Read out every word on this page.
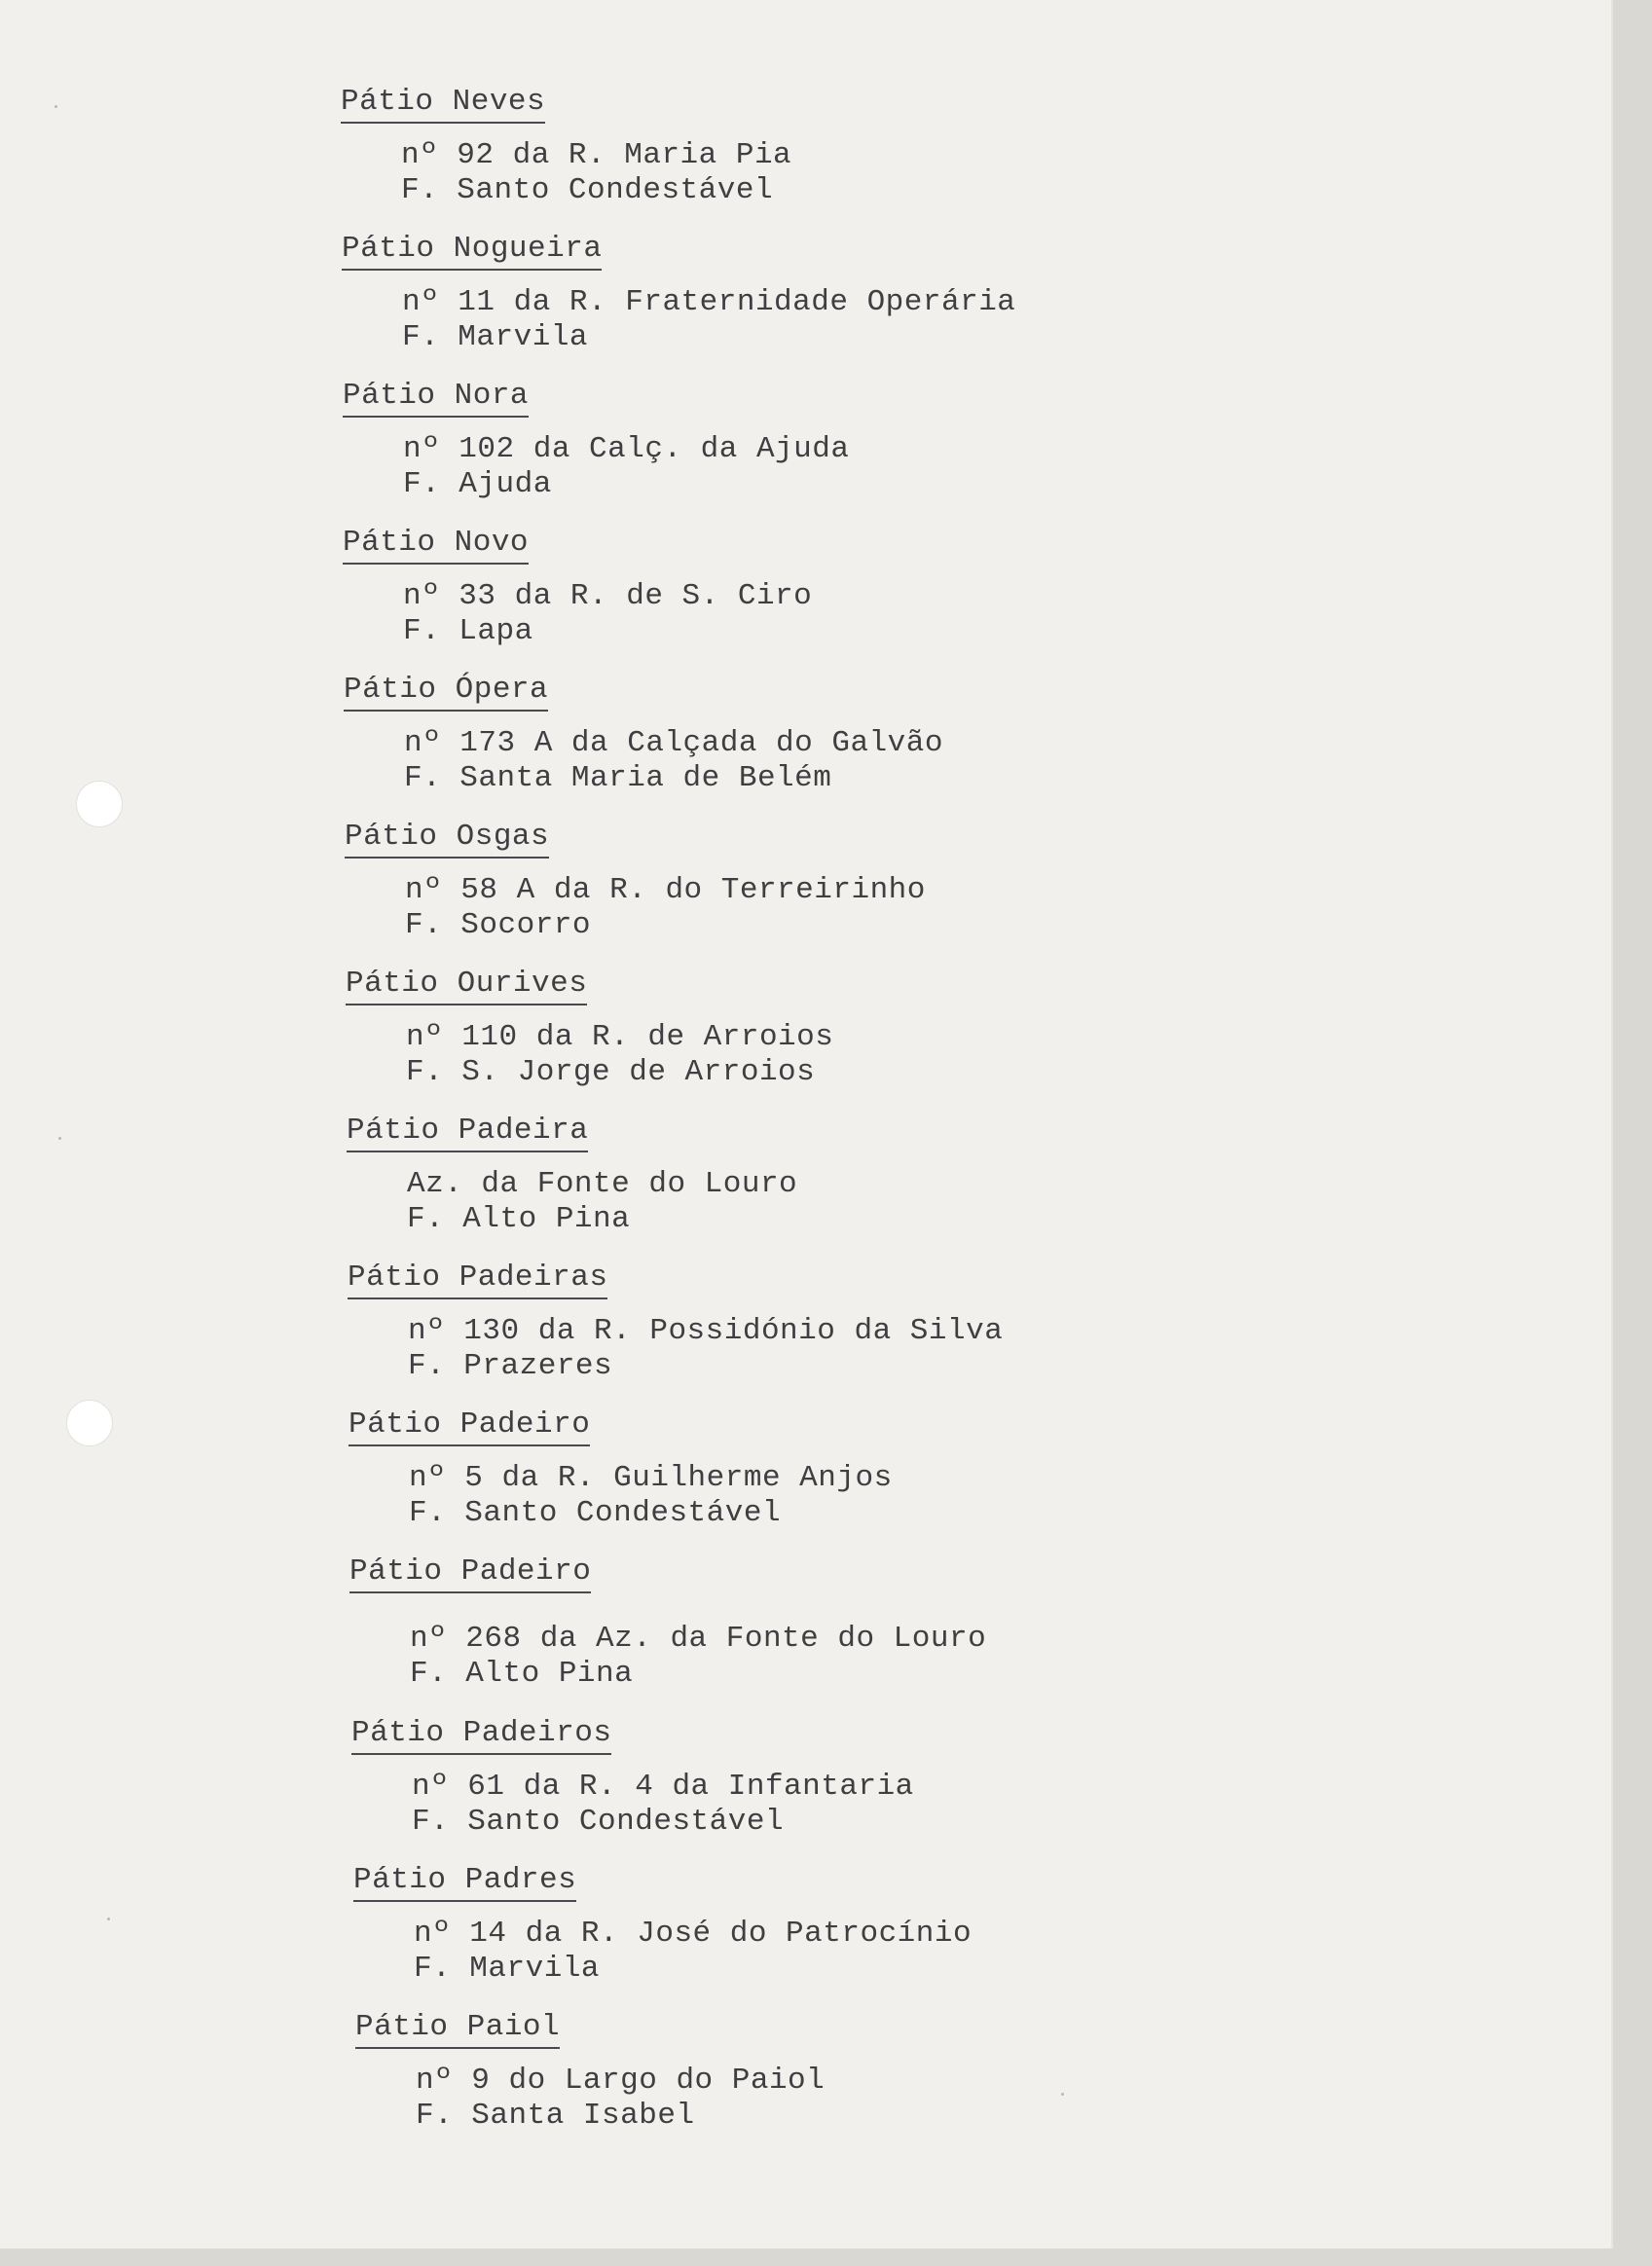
Pátio Neves
nº 92 da R. Maria Pia
F. Santo Condestável
Pátio Nogueira
nº 11 da R. Fraternidade Operária
F. Marvila
Pátio Nora
nº 102 da Calç. da Ajuda
F. Ajuda
Pátio Novo
nº 33 da R. de S. Ciro
F. Lapa
Pátio Ópera
nº 173 A da Calçada do Galvão
F. Santa Maria de Belém
Pátio Osgas
nº 58 A da R. do Terreirinho
F. Socorro
Pátio Ourives
nº 110 da R. de Arroios
F. S. Jorge de Arroios
Pátio Padeira
Az. da Fonte do Louro
F. Alto Pina
Pátio Padeiras
nº 130 da R. Possidónio da Silva
F. Prazeres
Pátio Padeiro
nº 5 da R. Guilherme Anjos
F. Santo Condestável
Pátio Padeiro
nº 268 da Az. da Fonte do Louro
F. Alto Pina
Pátio Padeiros
nº 61 da R. 4 da Infantaria
F. Santo Condestável
Pátio Padres
nº 14 da R. José do Patrocínio
F. Marvila
Pátio Paiol
nº 9 do Largo do Paiol
F. Santa Isabel
